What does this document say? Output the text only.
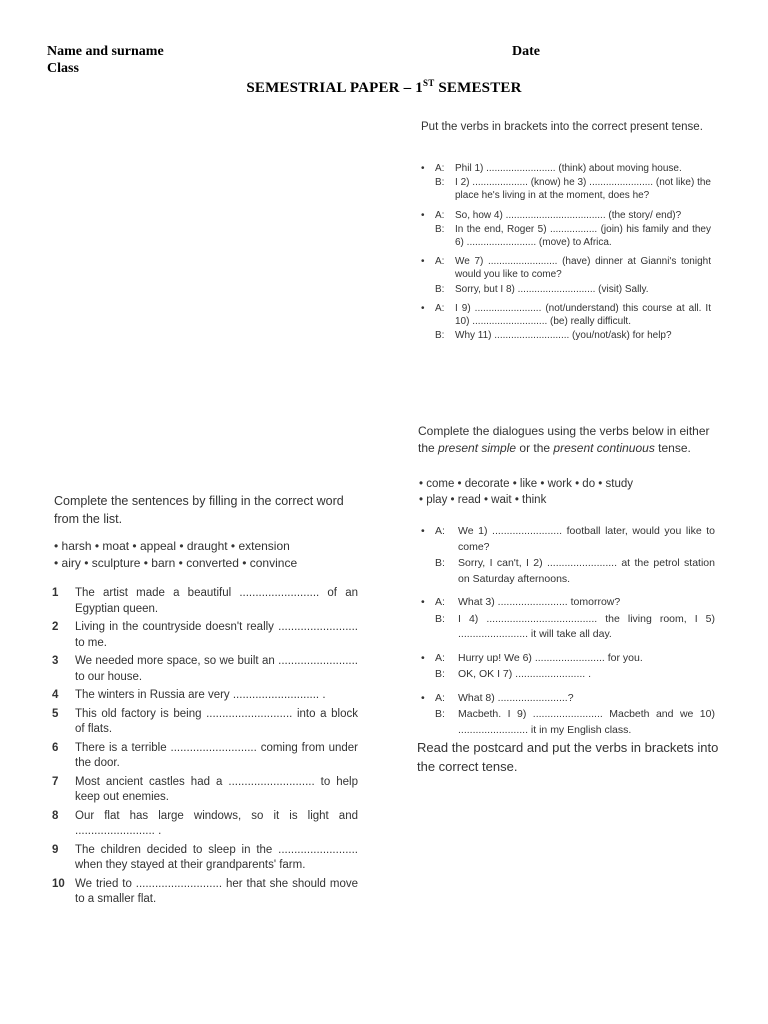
Name and surname
Class
Date
SEMESTRIAL PAPER – 1ST SEMESTER
Put the verbs in brackets into the correct present tense.
• A: Phil 1) ......................... (think) about moving house.
B: I 2) .................... (know) he 3) ....................... (not like) the place he's living in at the moment, does he?
• A: So, how 4) .................................... (the story/ end)?
B: In the end, Roger 5) ................. (join) his family and they 6) ......................... (move) to Africa.
• A: We 7) ......................... (have) dinner at Gianni's tonight would you like to come?
B: Sorry, but I 8) ............................ (visit) Sally.
• A: I 9) ........................ (not/understand) this course at all. It 10) ........................... (be) really difficult.
B: Why 11) ........................... (you/not/ask) for help?
Complete the dialogues using the verbs below in either the present simple or the present continuous tense.
• come • decorate • like • work • do • study
• play • read • wait • think
• A: We 1) ........................ football later, would you like to come?
B: Sorry, I can't, I 2) ........................ at the petrol station on Saturday afternoons.
• A: What 3) ........................ tomorrow?
B: I 4) ...................................... the living room, I 5) ........................ it will take all day.
• A: Hurry up! We 6) ........................ for you.
B: OK, OK I 7) ........................ .
• A: What 8) ........................?
B: Macbeth. I 9) ........................ Macbeth and we 10) ........................ it in my English class.
Read the postcard and put the verbs in brackets into the correct tense.
Complete the sentences by filling in the correct word from the list.
• harsh • moat • appeal • draught • extension
• airy • sculpture • barn • converted • convince
1 The artist made a beautiful ......................... of an Egyptian queen.
2 Living in the countryside doesn't really ......................... to me.
3 We needed more space, so we built an ......................... to our house.
4 The winters in Russia are very ........................... .
5 This old factory is being ........................... into a block of flats.
6 There is a terrible ........................... coming from under the door.
7 Most ancient castles had a ........................... to help keep out enemies.
8 Our flat has large windows, so it is light and ......................... .
9 The children decided to sleep in the ......................... when they stayed at their grandparents' farm.
10 We tried to ........................... her that she should move to a smaller flat.
